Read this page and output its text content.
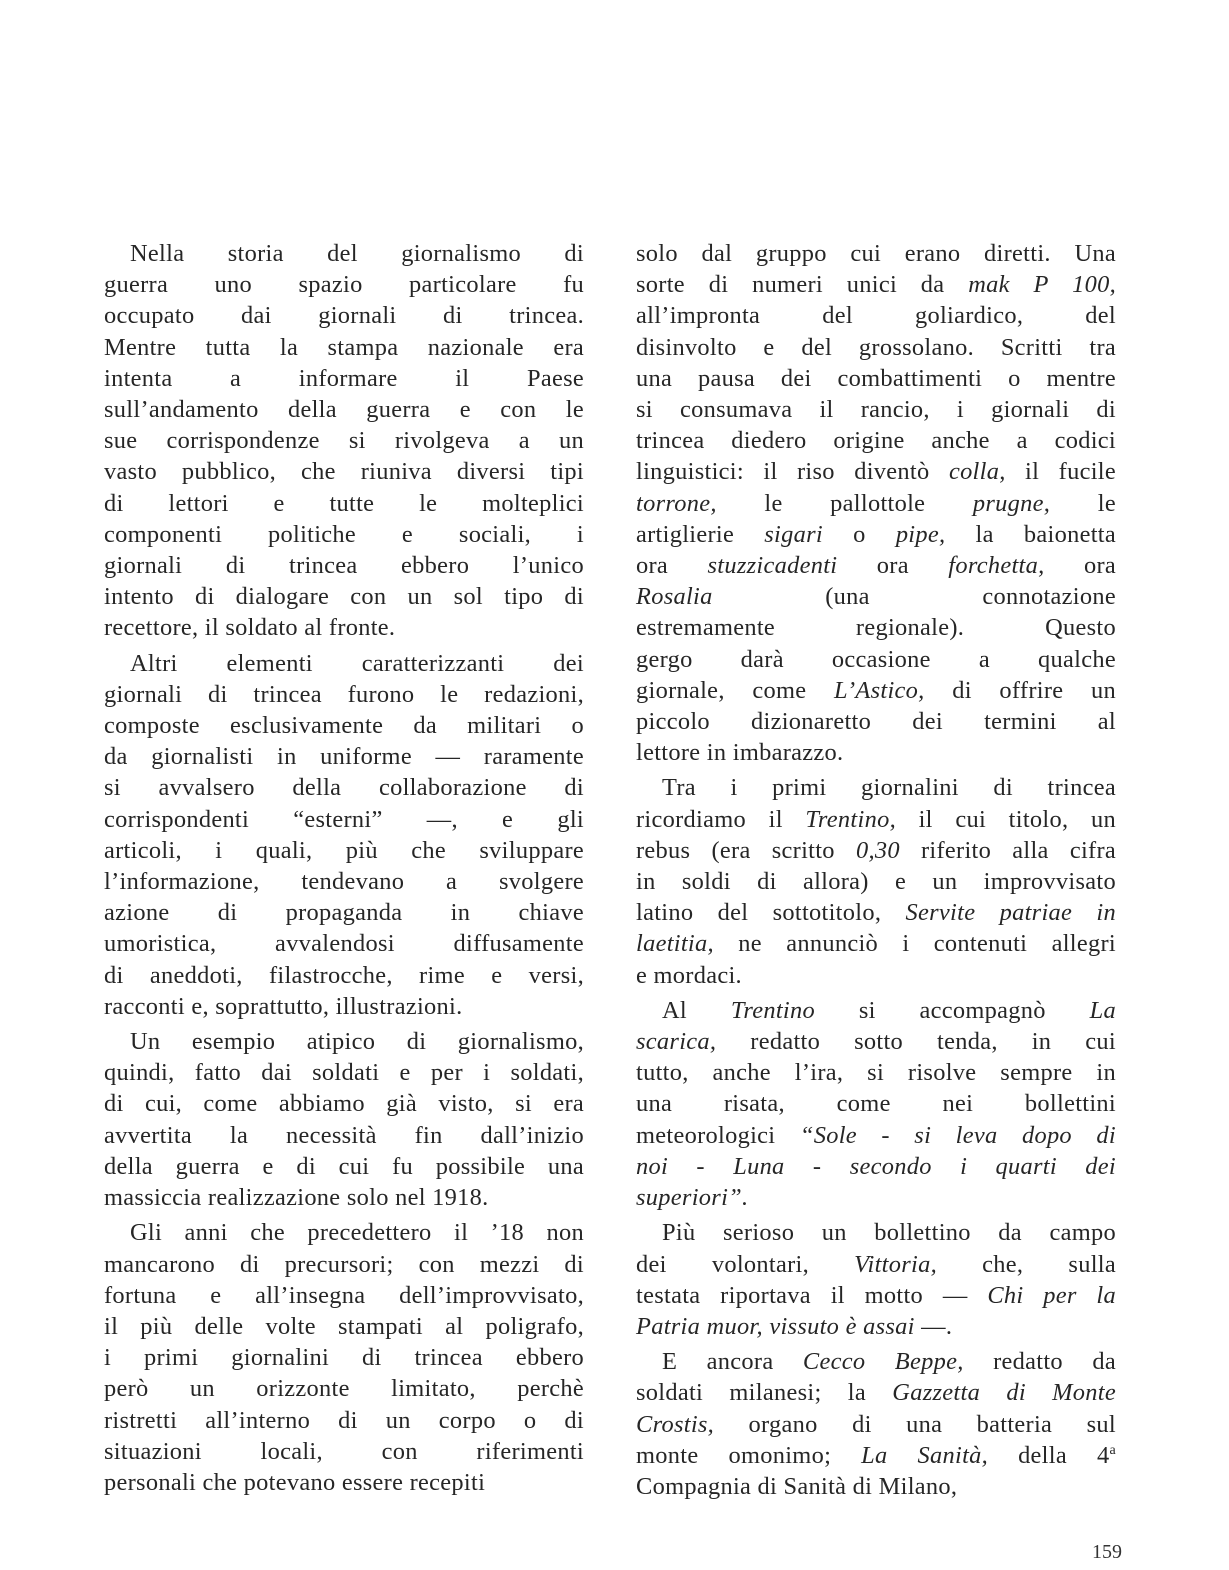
Nella storia del giornalismo di
guerra uno spazio particolare fu
occupato dai giornali di trincea.
Mentre tutta la stampa nazionale era
intenta a informare il Paese
sull’andamento della guerra e con le
sue corrispondenze si rivolgeva a un
vasto pubblico, che riuniva diversi tipi
di lettori e tutte le molteplici
componenti politiche e sociali, i
giornali di trincea ebbero l’unico
intento di dialogare con un sol tipo di
recettore, il soldato al fronte.
Altri elementi caratterizzanti dei
giornali di trincea furono le redazioni,
composte esclusivamente da militari o
da giornalisti in uniforme — raramente
si avvalsero della collaborazione di
corrispondenti “esterni” —, e gli
articoli, i quali, più che sviluppare
l’informazione, tendevano a svolgere
azione di propaganda in chiave
umoristica, avvalendosi diffusamente
di aneddoti, filastrocche, rime e versi,
racconti e, soprattutto, illustrazioni.
Un esempio atipico di giornalismo,
quindi, fatto dai soldati e per i soldati,
di cui, come abbiamo già visto, si era
avvertita la necessità fin dall’inizio
della guerra e di cui fu possibile una
massiccia realizzazione solo nel 1918.
Gli anni che precedettero il ’18 non
mancarono di precursori; con mezzi di
fortuna e all’insegna dell’improvvisato,
il più delle volte stampati al poligrafo,
i primi giornalini di trincea ebbero
però un orizzonte limitato, perchè
ristretti all’interno di un corpo o di
situazioni locali, con riferimenti
personali che potevano essere recepiti
solo dal gruppo cui erano diretti. Una
sorte di numeri unici da mak P 100,
all’impronta del goliardico, del
disinvolto e del grossolano. Scritti tra
una pausa dei combattimenti o mentre
si consumava il rancio, i giornali di
trincea diedero origine anche a codici
linguistici: il riso diventò colla, il fucile
torrone, le pallottole prugne, le
artiglierie sigari o pipe, la baionetta
ora stuzzicadenti ora forchetta, ora
Rosalia (una connotazione
estremamente regionale). Questo
gergo darà occasione a qualche
giornale, come L’Astico, di offrire un
piccolo dizionaretto dei termini al
lettore in imbarazzo.
Tra i primi giornalini di trincea
ricordiamo il Trentino, il cui titolo, un
rebus (era scritto 0,30 riferito alla cifra
in soldi di allora) e un improvvisato
latino del sottotitolo, Servite patriae in
laetitia, ne annunciò i contenuti allegri
e mordaci.
Al Trentino si accompagnò La
scarica, redatto sotto tenda, in cui
tutto, anche l’ira, si risolve sempre in
una risata, come nei bollettini
meteorologici “Sole - si leva dopo di
noi - Luna - secondo i quarti dei
superiori”.
Più serioso un bollettino da campo
dei volontari, Vittoria, che, sulla
testata riportava il motto — Chi per la
Patria muor, vissuto è assai —.
E ancora Cecco Beppe, redatto da
soldati milanesi; la Gazzetta di Monte
Crostis, organo di una batteria sul
monte omonimo; La Sanità, della 4$^a$
Compagnia di Sanità di Milano,
159
